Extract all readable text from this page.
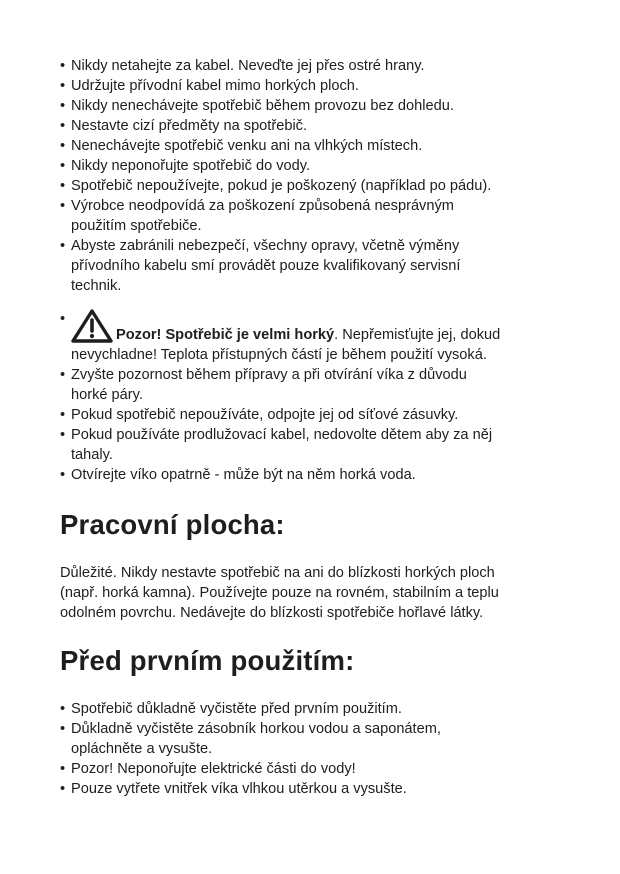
• Nikdy netahejte za kabel. Neveďte jej přes ostré hrany.
• Udržujte přívodní kabel mimo horkých ploch.
• Nikdy nenechávejte spotřebič během provozu bez dohledu.
• Nestavte cizí předměty na spotřebič.
• Nenechávejte spotřebič venku ani na vlhkých místech.
• Nikdy neponořujte spotřebič do vody.
• Spotřebič nepoužívejte, pokud je poškozený (například po pádu).
• Výrobce neodpovídá za poškození způsobená nesprávným
použitím spotřebiče.
• Abyste zabránili nebezpečí, všechny opravy, včetně výměny
přívodního kabelu smí provádět pouze kvalifikovaný servisní
technik.
•
Pozor! Spotřebič je velmi horký. Nepřemisťujte jej, dokud
nevychladne! Teplota přístupných částí je během použití vysoká.
• Zvyšte pozornost během přípravy a při otvírání víka z důvodu
horké páry.
• Pokud spotřebič nepoužíváte, odpojte jej od síťové zásuvky.
• Pokud používáte prodlužovací kabel, nedovolte dětem aby za něj
tahaly.
• Otvírejte víko opatrně - může být na něm horká voda.
Pracovní plocha:
Důležité. Nikdy nestavte spotřebič na ani do blízkosti horkých ploch
(např. horká kamna). Používejte pouze na rovném, stabilním a teplu
odolném povrchu. Nedávejte do blízkosti spotřebiče hořlavé látky.
Před prvním použitím:
• Spotřebič důkladně vyčistěte před prvním použitím.
• Důkladně vyčistěte zásobník horkou vodou a saponátem,
opláchněte a vysušte.
• Pozor! Neponořujte elektrické části do vody!
• Pouze vytřete vnitřek víka vlhkou utěrkou a vysušte.
